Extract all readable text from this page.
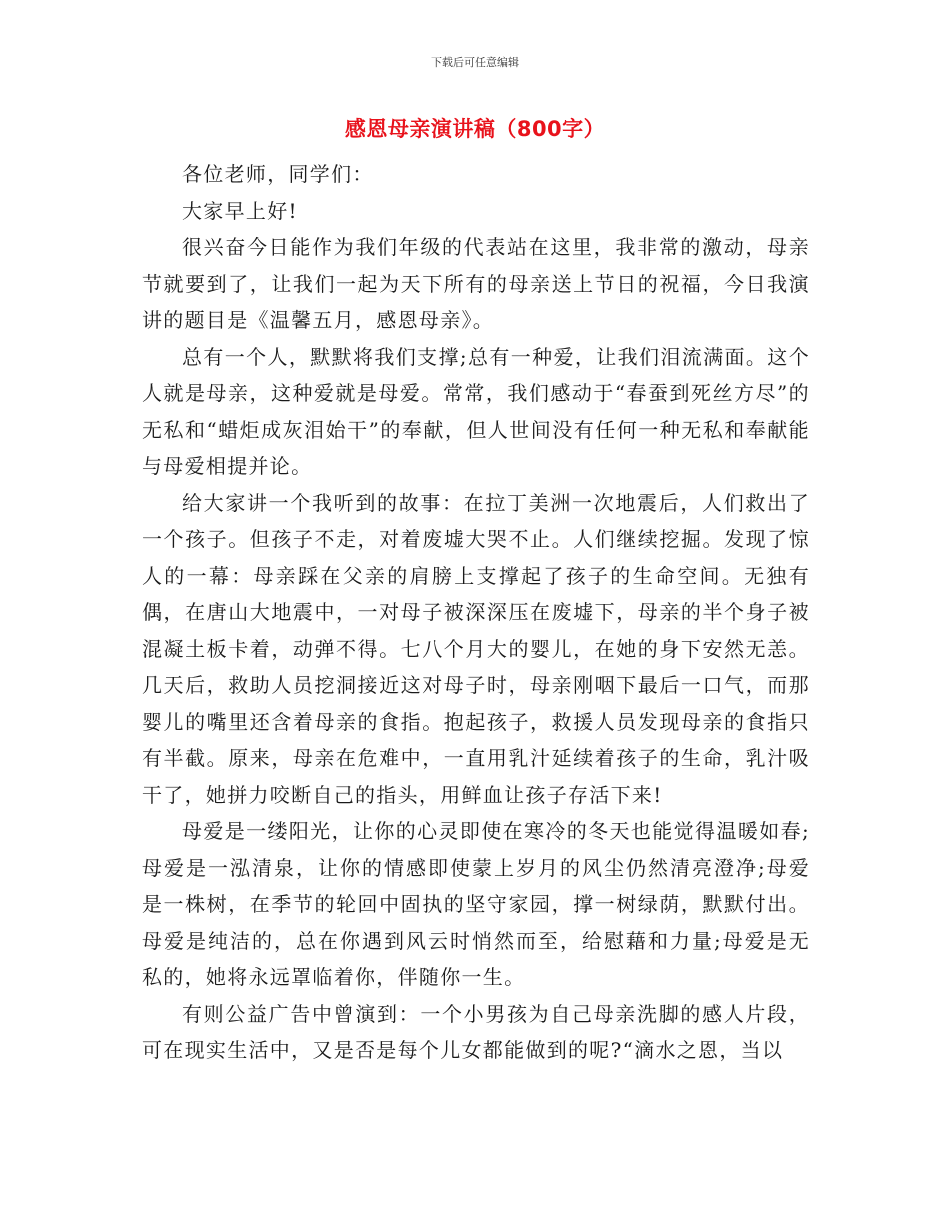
下载后可任意编辑
感恩母亲演讲稿（800字）

各位老师，同学们：

大家早上好!

很兴奋今日能作为我们年级的代表站在这里，我非常的激动，母亲节就要到了，让我们一起为天下所有的母亲送上节日的祝福，今日我演讲的题目是《温馨五月，感恩母亲》。

总有一个人，默默将我们支撑;总有一种爱，让我们泪流满面。这个人就是母亲，这种爱就是母爱。常常，我们感动于“春蚕到死丝方尽”的 无私和“蜡炬成灰泪始干”的奉献，但人世间没有任何一种无私和奉献能与母爱相提并论。

给大家讲一个我听到的故事：在拉丁美洲一次地震后，人们救出了一个孩子。但孩子不走，对着废墟大哭不止。人们继续挖掘。发现了惊人的一幕：母亲踩在父亲的肩膀上支撑起了孩子的生命空间。无独有偶，在唐山大地震中，一对母子被深深压在废墟下，母亲的半个身子被混凝土板卡着，动弹不得。七八个月大的婴儿，在她的身下安然无恙。几天后，救助人员挖洞接近这对母子时，母亲刚咽下最后一口气，而那婴儿的嘴里还含着母亲的食指。抱起孩子，救援人员发现母亲的食指只有半截。原来，母亲在危难中，一直用乳汁延续着孩子的生命，乳汁吸干了，她拼力咬断自己的指头，用鲜血让孩子存活下来!

母爱是一缕阳光，让你的心灵即使在寒冷的冬天也能觉得温暖如春;母爱是一泓清泉，让你的情感即使蒙上岁月的风尘仍然清亮澄净;母爱是一株树，在季节的轮回中固执的坚守家园，撑一树绿荫，默默付出。母爱是纯洁的，总在你遇到风云时悄然而至，给慰藉和力量;母爱是无私的，她将永远罩临着你，伴随你一生。

有则公益广告中曾演到：一个小男孩为自己母亲洗脚的感人片段，可在现实生活中，又是否是每个儿女都能做到的呢?“滴水之恩，当以
